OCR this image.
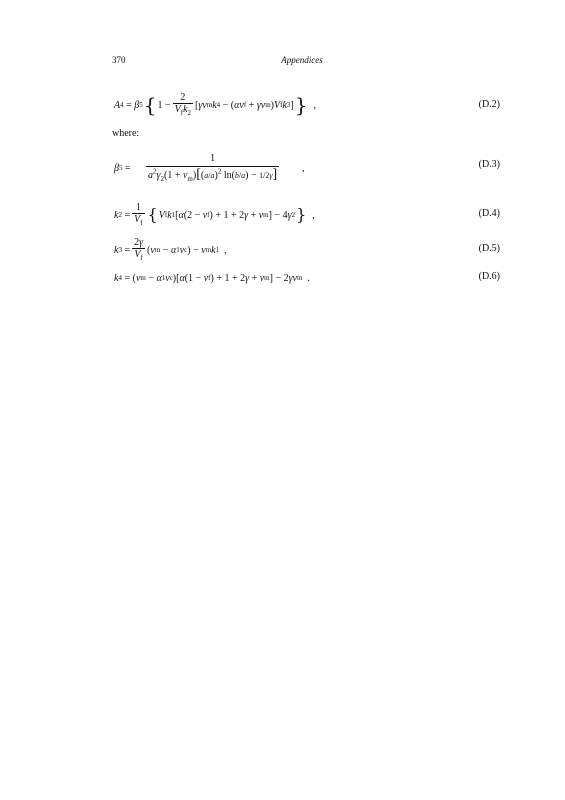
370	Appendices
A 4 = β 5 { $1 - \frac{2}{V_fk_2}$ [ γν m k 4 − ( αν f + γν m ) V f k 3 ] } ,	(D.2)
where:
β $5 = \frac{1}{a^2\gamma_2(1 + \nu_m)[(a/a)^2 \ln(b/a) - 1/2\gamma]}$ ,	(D.3)
k $2 = \frac{1}{V_f}$ { V f k 1 [ α (2 − ν f ) + 1 + 2 γ + ν m ] − 4 γ 2 } ,	(D.4)
k $3 = \frac{2\gamma}{V_f}$ ( ν m − α 1 ν c ) − ν m k 1 ,	(D.5)
k 4 = ( ν m − α 1 ν c )[ α (1 − ν f ) + 1 + 2 γ + ν m ] − 2 γν m .	(D.6)
